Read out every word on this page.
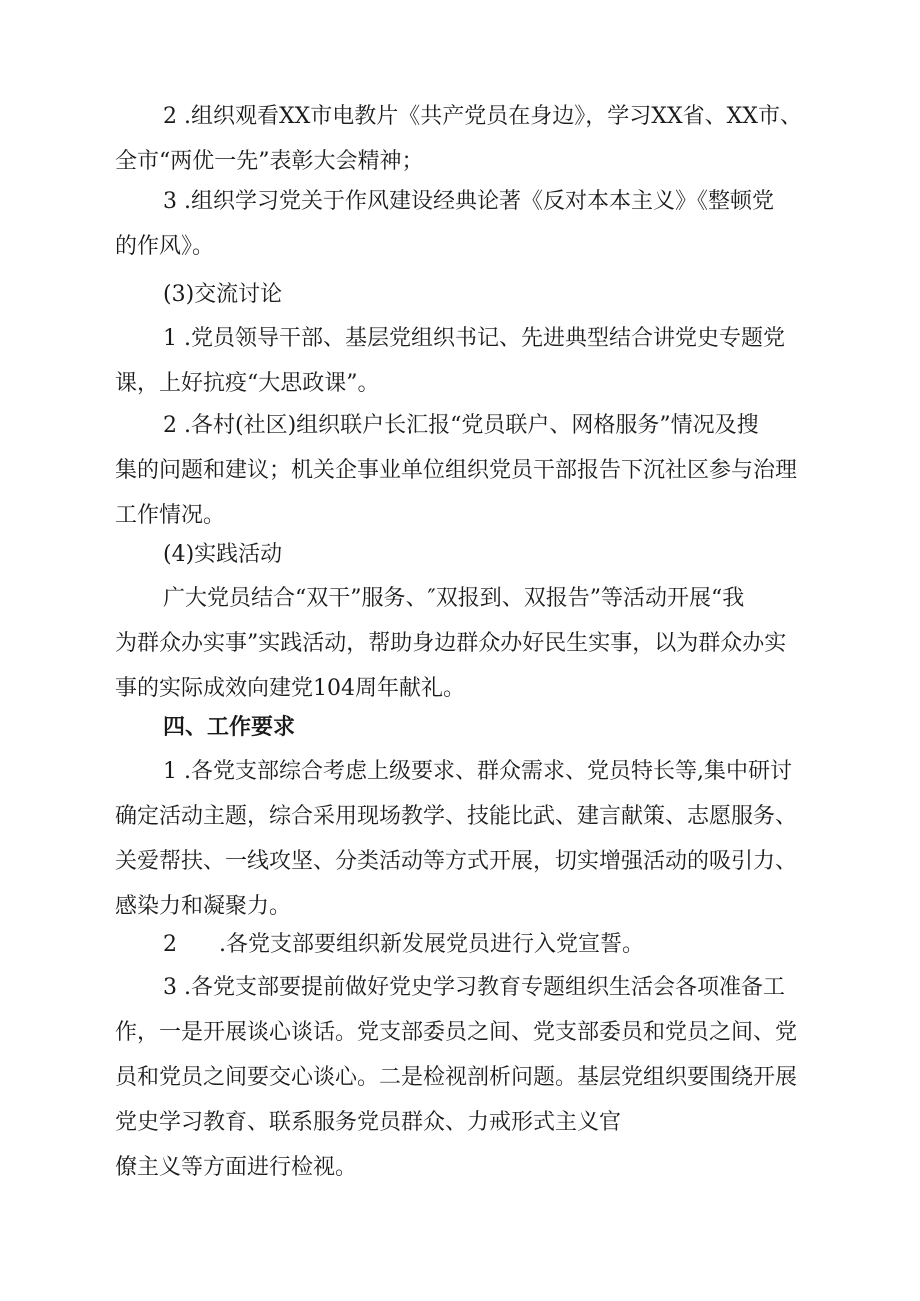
2 .组织观看XX市电教片《共产党员在身边》，学习XX省、XX市、
全市“两优一先”表彰大会精神；

3 .组织学习党关于作风建设经典论著《反对本本主义》《整顿党
的作风》。

(3)交流讨论

1 .党员领导干部、基层党组织书记、先进典型结合讲党史专题党
课，上好抗疫“大思政课”。

2 .各村(社区)组织联户长汇报“党员联户、网格服务”情况及搜
集的问题和建议；机关企事业单位组织党员干部报告下沉社区参与治理
工作情况。

(4)实践活动

广大党员结合“双干”服务、″双报到、双报告”等活动开展“我
为群众办实事”实践活动，帮助身边群众办好民生实事，以为群众办实
事的实际成效向建党104周年献礼。

四、工作要求

1 .各党支部综合考虑上级要求、群众需求、党员特长等,集中研讨
确定活动主题，综合采用现场教学、技能比武、建言献策、志愿服务、
关爱帮扶、一线攻坚、分类活动等方式开展，切实增强活动的吸引力、
感染力和凝聚力。

2      .各党支部要组织新发展党员进行入党宣誓。

3 .各党支部要提前做好党史学习教育专题组织生活会各项准备工
作，一是开展谈心谈话。党支部委员之间、党支部委员和党员之间、党
员和党员之间要交心谈心。二是检视剖析问题。基层党组织要围绕开展
党史学习教育、联系服务党员群众、力戒形式主义官
僚主义等方面进行检视。
